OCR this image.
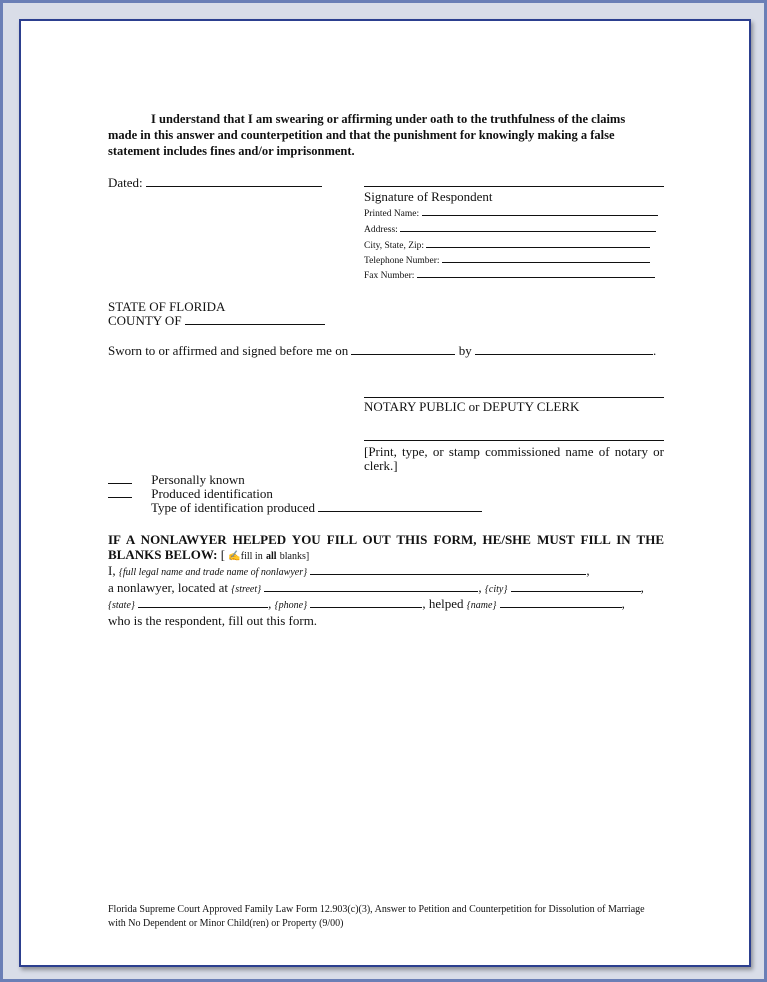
I understand that I am swearing or affirming under oath to the truthfulness of the claims
made in this answer and counterpetition and that the punishment for knowingly making a false
statement includes fines and/or imprisonment.
Dated:
Signature of Respondent
Printed Name:
Address:
City, State, Zip:
Telephone Number:
Fax Number:
STATE OF FLORIDA
COUNTY OF
Sworn to or affirmed and signed before me on	by	.
NOTARY PUBLIC or DEPUTY CLERK
[Print, type, or stamp commissioned name of notary or
clerk.]
Personally known
Produced identification
Type of identification produced
IF A NONLAWYER HELPED YOU FILL OUT THIS FORM, HE/SHE MUST FILL IN THE
BLANKS BELOW: [ ✍fill in all blanks]
I, {full legal name and trade name of nonlawyer}	,
a nonlawyer, located at {street}	, {city}	,
{state}	, {phone}	, helped {name}	,
who is the respondent, fill out this form.
Florida Supreme Court Approved Family Law Form 12.903(c)(3), Answer to Petition and Counterpetition for Dissolution of Marriage
with No Dependent or Minor Child(ren) or Property (9/00)
